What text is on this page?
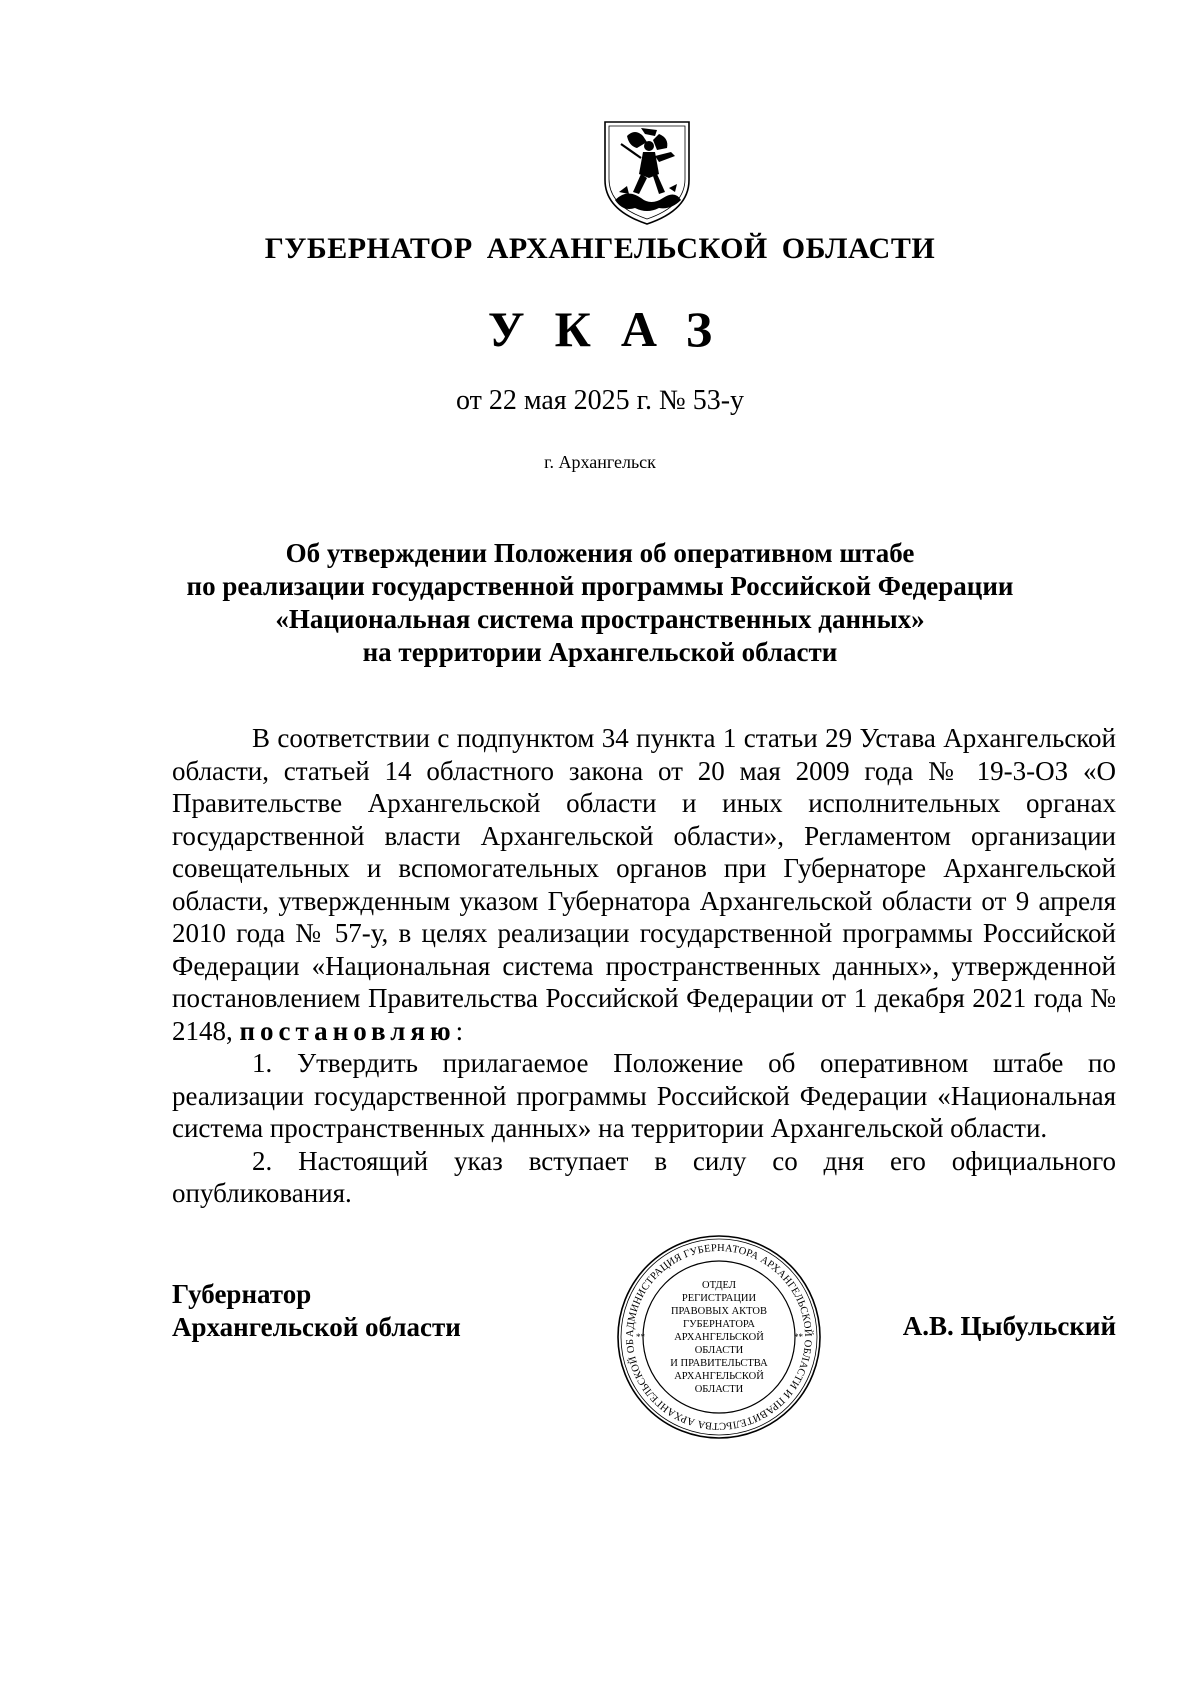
ГУБЕРНАТОР АРХАНГЕЛЬСКОЙ ОБЛАСТИ
УКАЗ
от 22 мая 2025 г. № 53-у
г. Архангельск
Об утверждении Положения об оперативном штабе
по реализации государственной программы Российской Федерации
«Национальная система пространственных данных»
на территории Архангельской области

В соответствии с подпунктом 34 пункта 1 статьи 29 Устава Архангельской области, статьей 14 областного закона от 20 мая 2009 года № 19-3-ОЗ «О Правительстве Архангельской области и иных исполнительных органах государственной власти Архангельской области», Регламентом организации совещательных и вспомогательных органов при Губернаторе Архангельской области, утвержденным указом Губернатора Архангельской области от 9 апреля 2010 года № 57-у, в целях реализации государственной программы Российской Федерации «Национальная система пространственных данных», утвержденной постановлением Правительства Российской Федерации от 1 декабря 2021 года № 2148, постановляю:

1. Утвердить прилагаемое Положение об оперативном штабе по реализации государственной программы Российской Федерации «Национальная система пространственных данных» на территории Архангельской области.

2. Настоящий указ вступает в силу со дня его официального опубликования.

Губернатор
Архангельской области	АДМИНИСТРАЦИЯ ГУБЕРНАТОРА АРХАНГЕЛЬСКОЙ ОБЛАСТИ И ПРАВИТЕЛЬСТВА АРХАНГЕЛЬСКОЙ ОБ
**	**
ОТДЕЛ
РЕГИСТРАЦИИ
ПРАВОВЫХ АКТОВ
ГУБЕРНАТОРА
АРХАНГЕЛЬСКОЙ
ОБЛАСТИ
И ПРАВИТЕЛЬСТВА
АРХАНГЕЛЬСКОЙ
ОБЛАСТИ
А.В. Цыбульский
